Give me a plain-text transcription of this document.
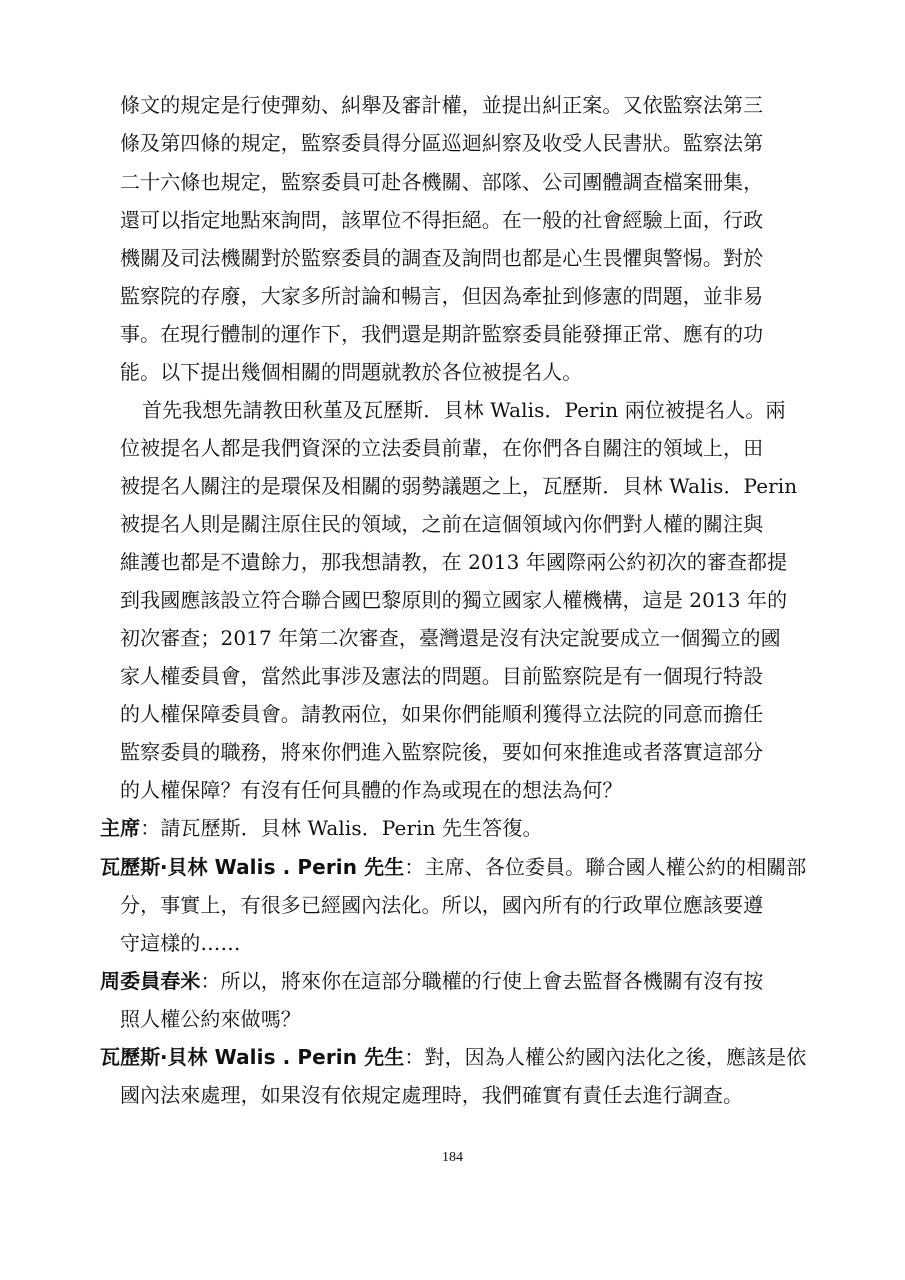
條文的規定是行使彈劾、糾舉及審計權，並提出糾正案。又依監察法第三
條及第四條的規定，監察委員得分區巡迴糾察及收受人民書狀。監察法第
二十六條也規定，監察委員可赴各機關、部隊、公司團體調查檔案冊集，
還可以指定地點來詢問，該單位不得拒絕。在一般的社會經驗上面，行政
機關及司法機關對於監察委員的調查及詢問也都是心生畏懼與警惕。對於
監察院的存廢，大家多所討論和暢言，但因為牽扯到修憲的問題，並非易
事。在現行體制的運作下，我們還是期許監察委員能發揮正常、應有的功
能。以下提出幾個相關的問題就教於各位被提名人。
首先我想先請教田秋堇及瓦歷斯．貝林 Walis．Perin 兩位被提名人。兩
位被提名人都是我們資深的立法委員前輩，在你們各自關注的領域上，田
被提名人關注的是環保及相關的弱勢議題之上，瓦歷斯．貝林 Walis．Perin
被提名人則是關注原住民的領域，之前在這個領域內你們對人權的關注與
維護也都是不遺餘力，那我想請教，在 2013 年國際兩公約初次的審查都提
到我國應該設立符合聯合國巴黎原則的獨立國家人權機構，這是 2013 年的
初次審查；2017 年第二次審查，臺灣還是沒有決定說要成立一個獨立的國
家人權委員會，當然此事涉及憲法的問題。目前監察院是有一個現行特設
的人權保障委員會。請教兩位，如果你們能順利獲得立法院的同意而擔任
監察委員的職務，將來你們進入監察院後，要如何來推進或者落實這部分
的人權保障？有沒有任何具體的作為或現在的想法為何？
主席：請瓦歷斯．貝林 Walis．Perin 先生答復。
瓦歷斯‧貝林 Walis . Perin 先生：主席、各位委員。聯合國人權公約的相關部
分，事實上，有很多已經國內法化。所以，國內所有的行政單位應該要遵
守這樣的……
周委員春米：所以，將來你在這部分職權的行使上會去監督各機關有沒有按
照人權公約來做嗎？
瓦歷斯‧貝林 Walis . Perin 先生：對，因為人權公約國內法化之後，應該是依
國內法來處理，如果沒有依規定處理時，我們確實有責任去進行調查。
184
